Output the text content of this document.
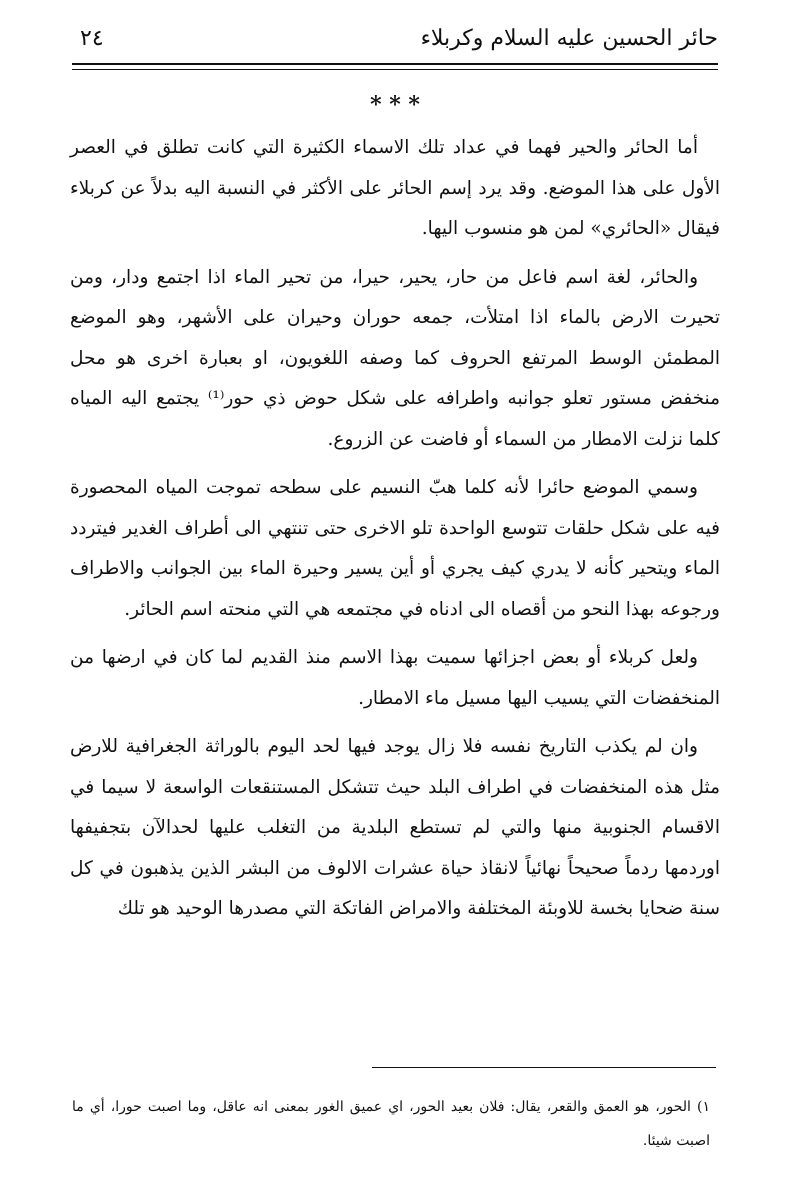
حائر الحسين عليه السلام وكربلاء
٢٤
* * *

أما الحائر والحير فهما في عداد تلك الاسماء الكثيرة التي كانت تطلق في العصر الأول على هذا الموضع. وقد يرد إسم الحائر على الأكثر في النسبة اليه بدلاً عن كربلاء فيقال «الحائري» لمن هو منسوب اليها.

والحائر، لغة اسم فاعل من حار، يحير، حيرا، من تحير الماء اذا اجتمع ودار، ومن تحيرت الارض بالماء اذا امتلأت، جمعه حوران وحيران على الأشهر، وهو الموضع المطمئن الوسط المرتفع الحروف كما وصفه اللغويون، او بعبارة اخرى هو محل منخفض مستور تعلو جوانبه واطرافه على شكل حوض ذي حور⁽¹⁾ يجتمع اليه المياه كلما نزلت الامطار من السماء أو فاضت عن الزروع.

وسمي الموضع حائرا لأنه كلما هبّ النسيم على سطحه تموجت المياه المحصورة فيه على شكل حلقات تتوسع الواحدة تلو الاخرى حتى تنتهي الى أطراف الغدير فيتردد الماء ويتحير كأنه لا يدري كيف يجري أو أين يسير وحيرة الماء بين الجوانب والاطراف ورجوعه بهذا النحو من أقصاه الى ادناه في مجتمعه هي التي منحته اسم الحائر.

ولعل كربلاء أو بعض اجزائها سميت بهذا الاسم منذ القديم لما كان في ارضها من المنخفضات التي يسيب اليها مسيل ماء الامطار.

وان لم يكذب التاريخ نفسه فلا زال يوجد فيها لحد اليوم بالوراثة الجغرافية للارض مثل هذه المنخفضات في اطراف البلد حيث تتشكل المستنقعات الواسعة لا سيما في الاقسام الجنوبية منها والتي لم تستطع البلدية من التغلب عليها لحدالآن بتجفيفها اوردمها ردماً صحيحاً نهائياً لانقاذ حياة عشرات الالوف من البشر الذين يذهبون في كل سنة ضحايا بخسة للاوبئة المختلفة والامراض الفاتكة التي مصدرها الوحيد هو تلك

١) الحور، هو العمق والقعر، يقال: فلان بعيد الحور، اي عميق الغور بمعنى انه عاقل، وما اصبت حورا، أي ما اصبت شيئا.
